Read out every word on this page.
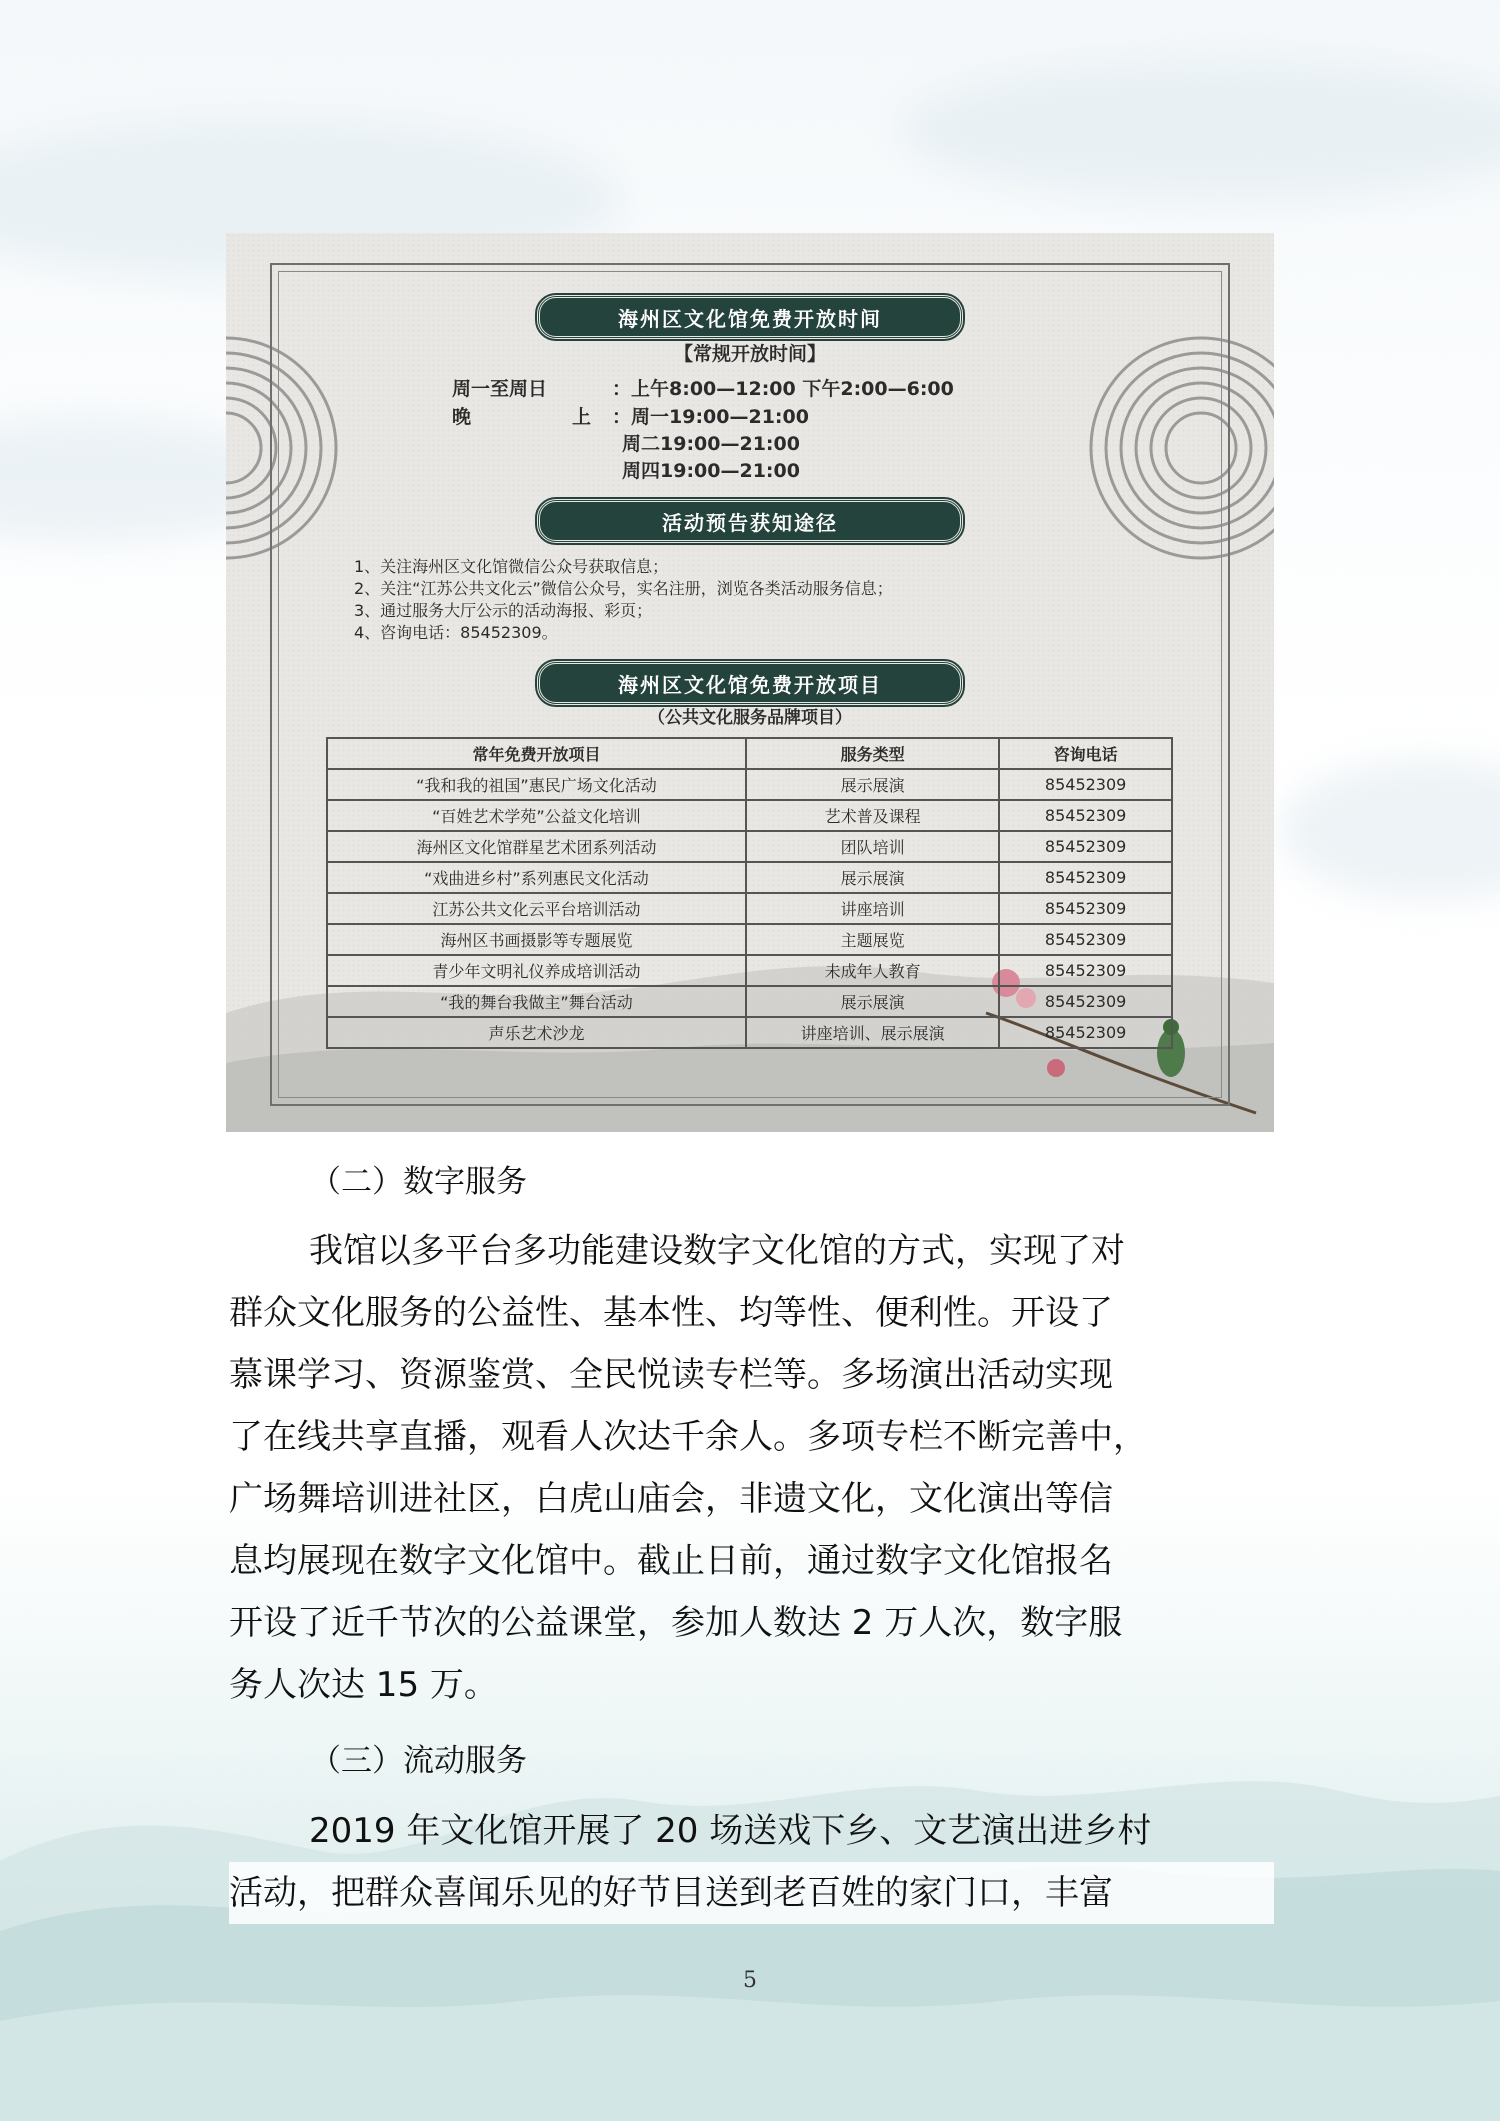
海州区文化馆免费开放时间
【常规开放时间】
周一至周日	：上午8:00—12:00 下午2:00—6:00
晚	上 ：周一19:00—21:00
周二19:00—21:00
周四19:00—21:00
活动预告获知途径
1、关注海州区文化馆微信公众号获取信息；
2、关注“江苏公共文化云”微信公众号，实名注册，浏览各类活动服务信息；
3、通过服务大厅公示的活动海报、彩页；
4、咨询电话：85452309。
海州区文化馆免费开放项目
（公共文化服务品牌项目）
常年免费开放项目	服务类型	咨询电话
“我和我的祖国”惠民广场文化活动	展示展演	85452309
“百姓艺术学苑”公益文化培训	艺术普及课程	85452309
海州区文化馆群星艺术团系列活动	团队培训	85452309
“戏曲进乡村”系列惠民文化活动	展示展演	85452309
江苏公共文化云平台培训活动	讲座培训	85452309
海州区书画摄影等专题展览	主题展览	85452309
青少年文明礼仪养成培训活动	未成年人教育	85452309
“我的舞台我做主”舞台活动	展示展演	85452309
声乐艺术沙龙	讲座培训、展示展演	85452309
（二）数字服务
我馆以多平台多功能建设数字文化馆的方式，实现了对
群众文化服务的公益性、基本性、均等性、便利性。开设了
慕课学习、资源鉴赏、全民悦读专栏等。多场演出活动实现
了在线共享直播，观看人次达千余人。多项专栏不断完善中，
广场舞培训进社区，白虎山庙会，非遗文化，文化演出等信
息均展现在数字文化馆中。截止日前，通过数字文化馆报名
开设了近千节次的公益课堂，参加人数达 2 万人次，数字服
务人次达 15 万。
（三）流动服务
2019 年文化馆开展了 20 场送戏下乡、文艺演出进乡村
活动，把群众喜闻乐见的好节目送到老百姓的家门口，丰富
5
